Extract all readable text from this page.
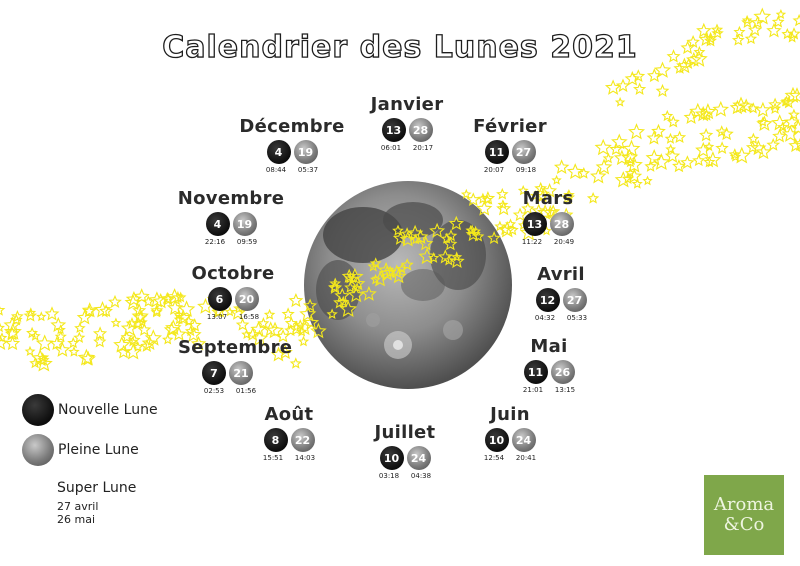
Calendrier des Lunes 2021
Janvier
13	28
06:01 20:17
Février
11	27
20:07 09:18
Mars
13	28
11:22 20:49
Avril
12	27
04:32 05:33
Mai
11	26
21:01 13:15
Juin
10	24
12:54 20:41
Juillet
10	24
03:18 04:38
Août
8	22
15:51 14:03
Septembre
7	21
02:53 01:56
Octobre
6	20
13:07 16:58
Novembre
4	19
22:16 09:59
Décembre
4	19
08:44 05:37
Nouvelle Lune
Pleine Lune
Super Lune
27 avril
26 mai
Aroma
&Co
